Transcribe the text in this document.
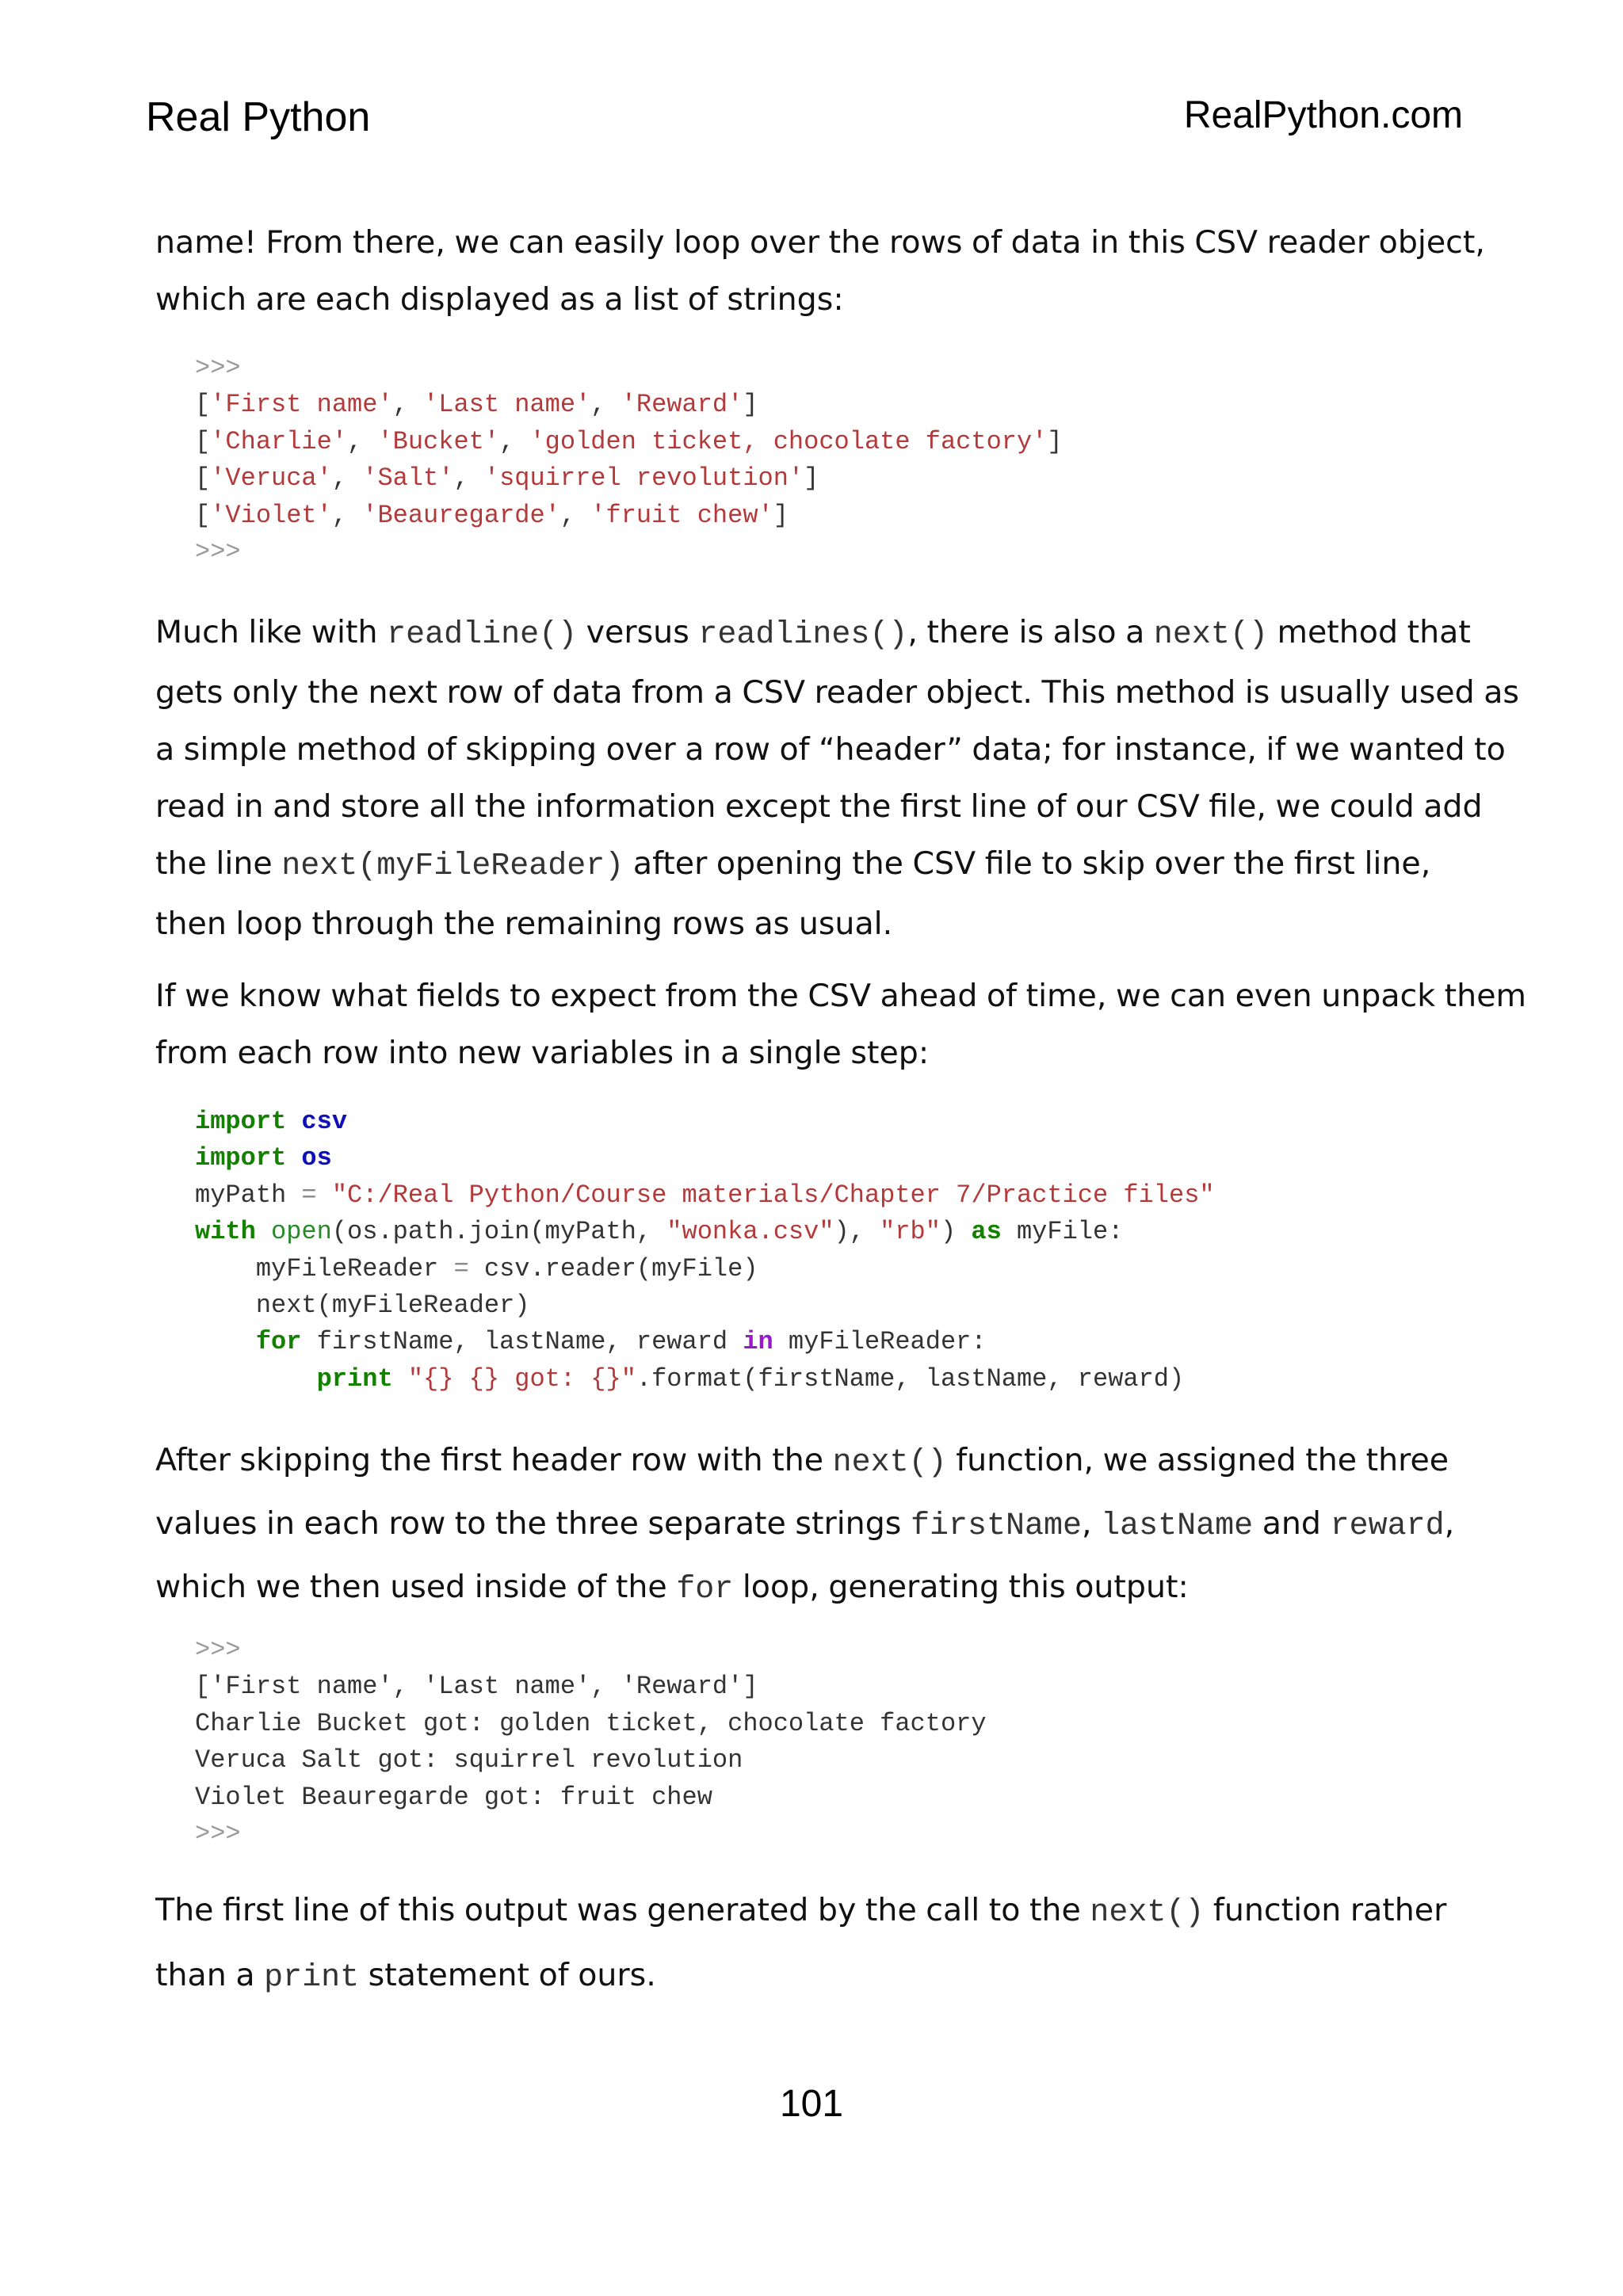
Real Python	RealPython.com

name! From there, we can easily loop over the rows of data in this CSV reader object,

which are each displayed as a list of strings:

>>>
['First name', 'Last name', 'Reward']
['Charlie', 'Bucket', 'golden ticket, chocolate factory']
['Veruca', 'Salt', 'squirrel revolution']
['Violet', 'Beauregarde', 'fruit chew']
>>>

Much like with readline() versus readlines(), there is also a next() method that

gets only the next row of data from a CSV reader object. This method is usually used as

a simple method of skipping over a row of “header” data; for instance, if we wanted to

read in and store all the information except the first line of our CSV file, we could add

the line next(myFileReader) after opening the CSV file to skip over the first line,

then loop through the remaining rows as usual.

If we know what fields to expect from the CSV ahead of time, we can even unpack them

from each row into new variables in a single step:

import csv
import os
myPath = "C:/Real Python/Course materials/Chapter 7/Practice files"
with open(os.path.join(myPath, "wonka.csv"), "rb") as myFile:
myFileReader = csv.reader(myFile)
next(myFileReader)
for firstName, lastName, reward in myFileReader:
print "{} {} got: {}".format(firstName, lastName, reward)

After skipping the first header row with the next() function, we assigned the three

values in each row to the three separate strings firstName, lastName and reward,

which we then used inside of the for loop, generating this output:

>>>
['First name', 'Last name', 'Reward']
Charlie Bucket got: golden ticket, chocolate factory
Veruca Salt got: squirrel revolution
Violet Beauregarde got: fruit chew
>>>

The first line of this output was generated by the call to the next() function rather

than a print statement of ours.

101
